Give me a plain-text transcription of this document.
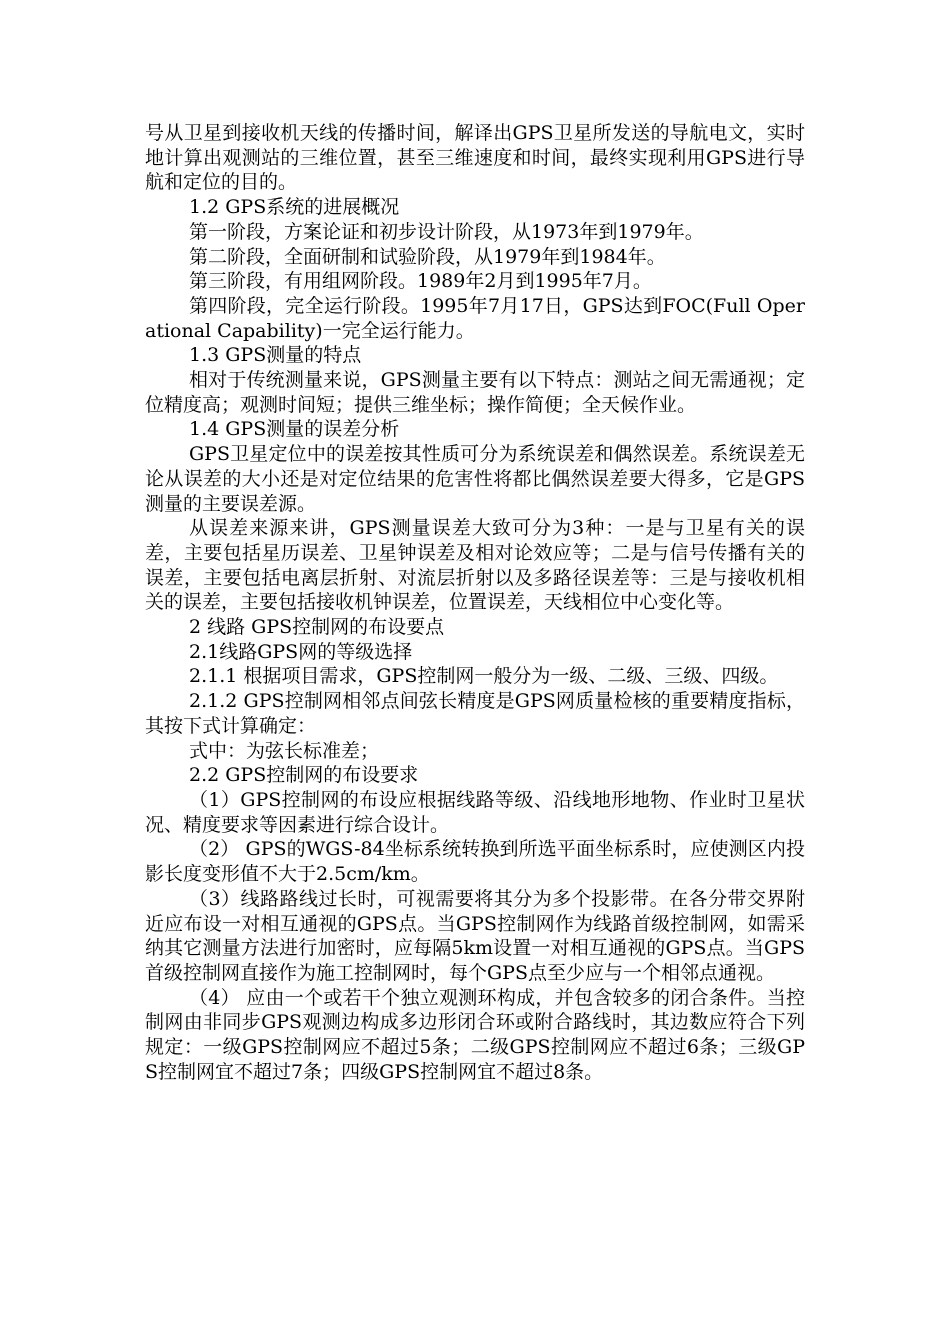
号从卫星到接收机天线的传播时间，解译出GPS卫星所发送的导航电文，实时地计算出观测站的三维位置，甚至三维速度和时间，最终实现利用GPS进行导航和定位的目的。

1.2 GPS系统的进展概况

第一阶段，方案论证和初步设计阶段，从1973年到1979年。

第二阶段，全面研制和试验阶段，从1979年到1984年。

第三阶段，有用组网阶段。1989年2月到1995年7月。

第四阶段，完全运行阶段。1995年7月17日，GPS达到FOC(Full Operational Capability)一完全运行能力。

1.3 GPS测量的特点

相对于传统测量来说，GPS测量主要有以下特点：测站之间无需通视；定位精度高；观测时间短；提供三维坐标；操作简便；全天候作业。

1.4 GPS测量的误差分析

GPS卫星定位中的误差按其性质可分为系统误差和偶然误差。系统误差无论从误差的大小还是对定位结果的危害性将都比偶然误差要大得多，它是GPS测量的主要误差源。

从误差来源来讲，GPS测量误差大致可分为3种：一是与卫星有关的误差，主要包括星历误差、卫星钟误差及相对论效应等；二是与信号传播有关的误差，主要包括电离层折射、对流层折射以及多路径误差等：三是与接收机相关的误差，主要包括接收机钟误差，位置误差，天线相位中心变化等。

2 线路 GPS控制网的布设要点

2.1线路GPS网的等级选择

2.1.1 根据项目需求，GPS控制网一般分为一级、二级、三级、四级。

2.1.2 GPS控制网相邻点间弦长精度是GPS网质量检核的重要精度指标，其按下式计算确定：

式中：为弦长标准差；

2.2 GPS控制网的布设要求

（1）GPS控制网的布设应根据线路等级、沿线地形地物、作业时卫星状况、精度要求等因素进行综合设计。

（2） GPS的WGS-84坐标系统转换到所选平面坐标系时，应使测区内投影长度变形值不大于2.5cm/km。

（3）线路路线过长时，可视需要将其分为多个投影带。在各分带交界附近应布设一对相互通视的GPS点。当GPS控制网作为线路首级控制网，如需采纳其它测量方法进行加密时，应每隔5km设置一对相互通视的GPS点。当GPS首级控制网直接作为施工控制网时，每个GPS点至少应与一个相邻点通视。

（4） 应由一个或若干个独立观测环构成，并包含较多的闭合条件。当控制网由非同步GPS观测边构成多边形闭合环或附合路线时，其边数应符合下列规定：一级GPS控制网应不超过5条；二级GPS控制网应不超过6条；三级GPS控制网宜不超过7条；四级GPS控制网宜不超过8条。
